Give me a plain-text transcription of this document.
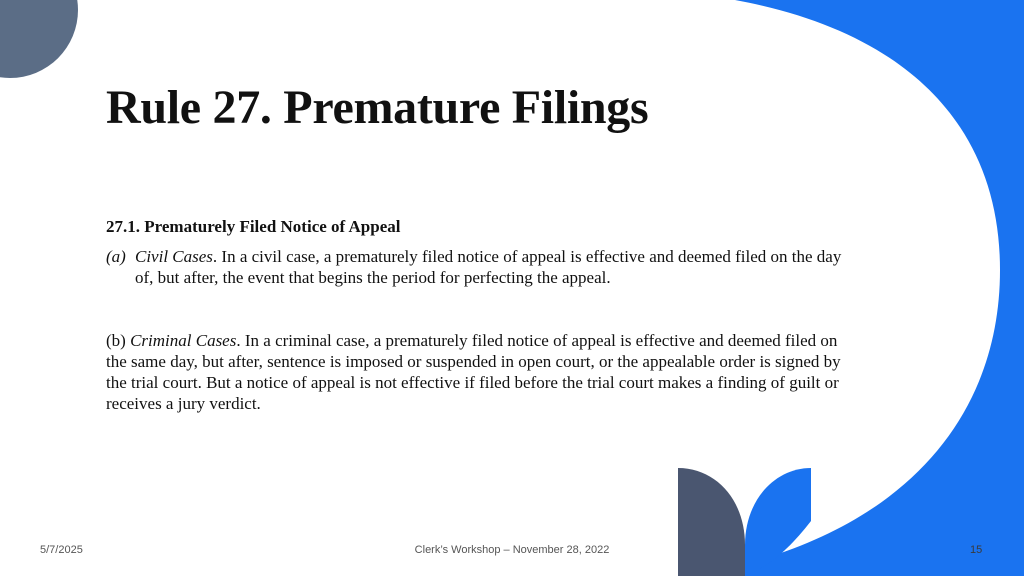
Rule 27. Premature Filings

27.1. Prematurely Filed Notice of Appeal

(a) Civil Cases. In a civil case, a prematurely filed notice of appeal is effective and deemed filed on the day of, but after, the event that begins the period for perfecting the appeal.

(b) Criminal Cases. In a criminal case, a prematurely filed notice of appeal is effective and deemed filed on the same day, but after, sentence is imposed or suspended in open court, or the appealable order is signed by the trial court. But a notice of appeal is not effective if filed before the trial court makes a finding of guilt or receives a jury verdict.

5/7/2025	Clerk’s Workshop – November 28, 2022	15
